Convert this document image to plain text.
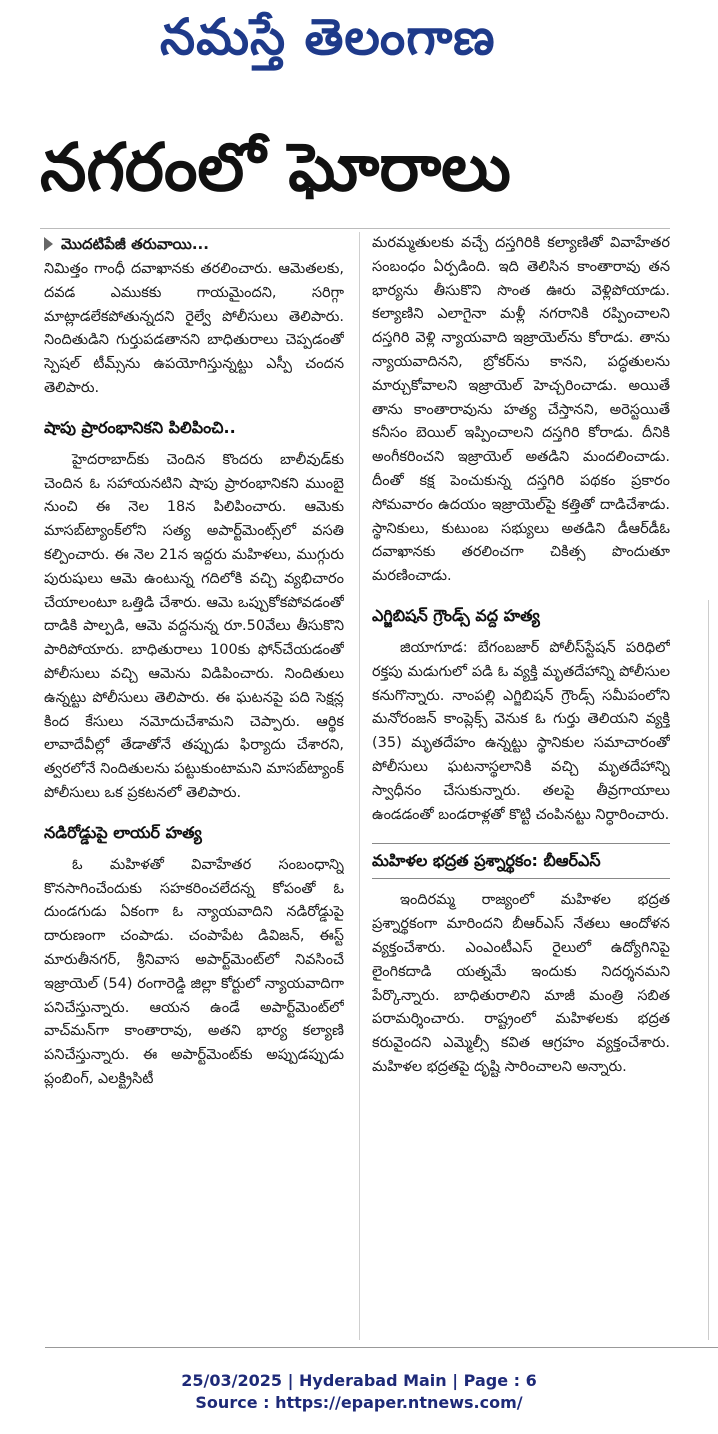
నమస్తే తెలంగాణ
నగరంలో ఘోరాలు
మొదటిపేజీ తరువాయి...

నిమిత్తం గాంధీ దవాఖానకు తరలించారు. ఆమెతలకు, దవడ ఎముకకు గాయమైందని, సరిగ్గా మాట్లాడలేకపోతున్నదని రైల్వే పోలీసులు తెలిపారు. నిందితుడిని గుర్తుపడతానని బాధితురాలు చెప్పడంతో స్పెషల్ టీమ్స్‌ను ఉపయోగిస్తున్నట్టు ఎస్పీ చందన తెలిపారు.

షాపు ప్రారంభానికని పిలిపించి..

హైదరాబాద్‌కు చెందిన కొందరు బాలీవుడ్‌కు చెందిన ఓ సహాయనటిని షాపు ప్రారంభానికని ముంబై నుంచి ఈ నెల 18న పిలిపించారు. ఆమెకు మాసబ్‌ట్యాంక్‌లోని సత్య అపార్ట్‌మెంట్స్‌లో వసతి కల్పించారు. ఈ నెల 21న ఇద్దరు మహిళలు, ముగ్గురు పురుషులు ఆమె ఉంటున్న గదిలోకి వచ్చి వ్యభిచారం చేయాలంటూ ఒత్తిడి చేశారు. ఆమె ఒప్పుకోకపోవడంతో దాడికి పాల్పడి, ఆమె వద్దనున్న రూ.50వేలు తీసుకొని పారిపోయారు. బాధితురాలు 100కు ఫోన్‌చేయడంతో పోలీసులు వచ్చి ఆమెను విడిపించారు. నిందితులు ఉన్నట్టు పోలీసులు తెలిపారు. ఈ ఘటనపై పది సెక్షన్ల కింద కేసులు నమోదుచేశామని చెప్పారు. ఆర్థిక లావాదేవీల్లో తేడాతోనే తప్పుడు ఫిర్యాదు చేశారని, త్వరలోనే నిందితులను పట్టుకుంటామని మాసబ్‌ట్యాంక్ పోలీసులు ఒక ప్రకటనలో తెలిపారు.

నడిరోడ్డుపై లాయర్ హత్య

ఓ మహిళతో వివాహేతర సంబంధాన్ని కొనసాగించేందుకు సహకరించలేదన్న కోపంతో ఓ దుండగుడు ఏకంగా ఓ న్యాయవాదిని నడిరోడ్డుపై దారుణంగా చంపాడు. చంపాపేట డివిజన్, ఈస్ట్ మారుతీనగర్, శ్రీనివాస అపార్ట్‌మెంట్‌లో నివసించే ఇజ్రాయెల్ (54) రంగారెడ్డి జిల్లా కోర్టులో న్యాయవాదిగా పనిచేస్తున్నారు. ఆయన ఉండే అపార్ట్‌మెంట్‌లో వాచ్‌మన్‌గా కాంతారావు, అతని భార్య కల్యాణి పనిచేస్తున్నారు. ఈ అపార్ట్‌మెంట్‌కు అప్పుడప్పుడు ప్లంబింగ్, ఎలక్ట్రిసిటీ

మరమ్మతులకు వచ్చే దస్తగిరికి కల్యాణితో వివాహేతర సంబంధం ఏర్పడింది. ఇది తెలిసిన కాంతారావు తన భార్యను తీసుకొని సొంత ఊరు వెళ్లిపోయాడు. కల్యాణిని ఎలాగైనా మళ్లీ నగరానికి రప్పించాలని దస్తగిరి వెళ్లి న్యాయవాది ఇజ్రాయెల్‌ను కోరాడు. తాను న్యాయవాదినని, బ్రోకర్‌ను కానని, పద్ధతులను మార్చుకోవాలని ఇజ్రాయెల్ హెచ్చరించాడు. అయితే తాను కాంతారావును హత్య చేస్తానని, అరెస్టయితే కనీసం బెయిల్ ఇప్పించాలని దస్తగిరి కోరాడు. దీనికి అంగీకరించని ఇజ్రాయెల్ అతడిని మందలించాడు. దీంతో కక్ష పెంచుకున్న దస్తగిరి పథకం ప్రకారం సోమవారం ఉదయం ఇజ్రాయెల్‌పై కత్తితో దాడిచేశాడు. స్థానికులు, కుటుంబ సభ్యులు అతడిని డీఆర్‌డీఓ దవాఖానకు తరలించగా చికిత్స పొందుతూ మరణించాడు.

ఎగ్జిబిషన్ గ్రౌండ్స్ వద్ద హత్య

జియాగూడ: బేగంబజార్ పోలీస్‌స్టేషన్ పరిధిలో రక్తపు మడుగులో పడి ఓ వ్యక్తి మృతదేహాన్ని పోలీసుల కనుగొన్నారు. నాంపల్లి ఎగ్జిబిషన్ గ్రౌండ్స్ సమీపంలోని మనోరంజన్ కాంప్లెక్స్ వెనుక ఓ గుర్తు తెలియని వ్యక్తి (35) మృతదేహం ఉన్నట్టు స్థానికుల సమాచారంతో పోలీసులు ఘటనాస్థలానికి వచ్చి మృతదేహాన్ని స్వాధీనం చేసుకున్నారు. తలపై తీవ్రగాయాలు ఉండడంతో బండరాళ్లతో కొట్టి చంపినట్టు నిర్ధారించారు.

మహిళల భద్రత ప్రశ్నార్థకం: బీఆర్ఎస్

ఇందిరమ్మ రాజ్యంలో మహిళల భద్రత ప్రశ్నార్థకంగా మారిందని బీఆర్ఎస్ నేతలు ఆందోళన వ్యక్తంచేశారు. ఎంఎంటీఎస్ రైలులో ఉద్యోగినిపై లైంగికదాడి యత్నమే ఇందుకు నిదర్శనమని పేర్కొన్నారు. బాధితురాలిని మాజీ మంత్రి సబిత పరామర్శించారు. రాష్ట్రంలో మహిళలకు భద్రత కరువైందని ఎమ్మెల్సీ కవిత ఆగ్రహం వ్యక్తంచేశారు. మహిళల భద్రతపై దృష్టి సారించాలని అన్నారు.

25/03/2025 | Hyderabad Main | Page : 6
Source : https://epaper.ntnews.com/
